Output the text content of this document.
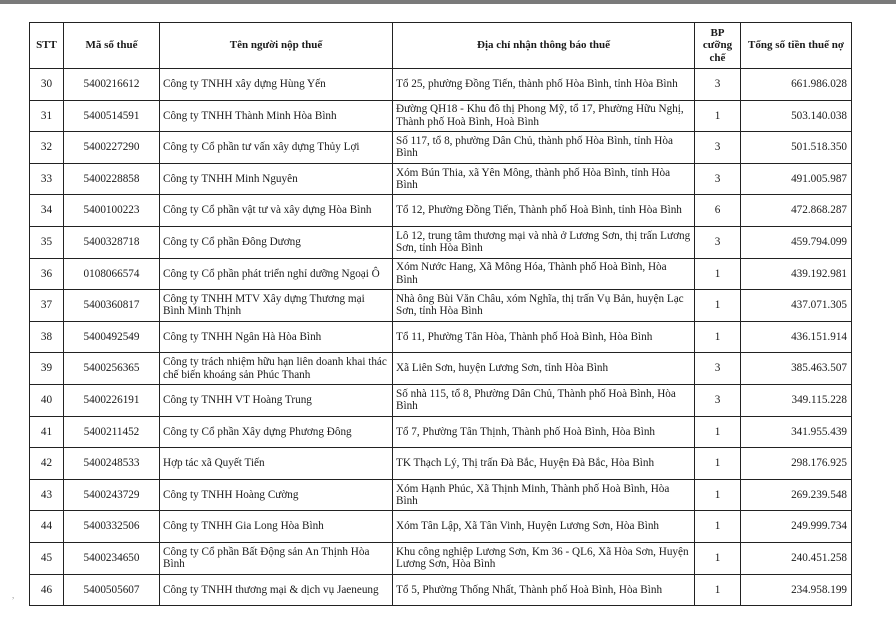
,
STT	Mã số thuế	Tên người nộp thuế	Địa chỉ nhận thông báo thuế	BP cưỡng chế	Tổng số tiền thuế nợ
30	5400216612	Công ty TNHH xây dựng Hùng Yến	Tổ 25, phường Đồng Tiến, thành phố Hòa Bình, tỉnh Hòa Bình	3	661.986.028
31	5400514591	Công ty TNHH Thành Minh Hòa Bình	Đường QH18 - Khu đô thị Phong Mỹ, tổ 17, Phường Hữu Nghị, Thành phố Hoà Bình, Hoà Bình	1	503.140.038
32	5400227290	Công ty Cổ phần tư vấn xây dựng Thủy Lợi	Số 117, tổ 8, phường Dân Chủ, thành phố Hòa Bình, tỉnh Hòa Bình	3	501.518.350
33	5400228858	Công ty TNHH Minh Nguyên	Xóm Bún Thia, xã Yên Mông, thành phố Hòa Bình, tỉnh Hòa Bình	3	491.005.987
34	5400100223	Công ty Cổ phần vật tư và xây dựng Hòa Bình	Tổ 12, Phường Đồng Tiến, Thành phố Hoà Bình, tỉnh Hòa Bình	6	472.868.287
35	5400328718	Công ty Cổ phần Đông Dương	Lô 12, trung tâm thương mại và nhà ở Lương Sơn, thị trấn Lương Sơn, tỉnh Hòa Bình	3	459.794.099
36	0108066574	Công ty Cổ phần phát triển nghỉ dưỡng Ngoại Ô	Xóm Nước Hang, Xã Mông Hóa, Thành phố Hoà Bình, Hòa Bình	1	439.192.981
37	5400360817	Công ty TNHH MTV Xây dựng Thương mại Bình Minh Thịnh	Nhà ông Bùi Văn Châu, xóm Nghĩa, thị trấn Vụ Bản, huyện Lạc Sơn, tỉnh Hòa Bình	1	437.071.305
38	5400492549	Công ty TNHH Ngân Hà Hòa Bình	Tổ 11, Phường Tân Hòa, Thành phố Hoà Bình, Hòa Bình	1	436.151.914
39	5400256365	Công ty trách nhiệm hữu hạn liên doanh khai thác chế biến khoáng sản Phúc Thanh	Xã Liên Sơn, huyện Lương Sơn, tỉnh Hòa Bình	3	385.463.507
40	5400226191	Công ty TNHH VT Hoàng Trung	Số nhà 115, tổ 8, Phường Dân Chủ, Thành phố Hoà Bình, Hòa Bình	3	349.115.228
41	5400211452	Công ty Cổ phần Xây dựng Phương Đông	Tổ 7, Phường Tân Thịnh, Thành phố Hoà Bình, Hòa Bình	1	341.955.439
42	5400248533	Hợp tác xã Quyết Tiến	TK Thạch Lý, Thị trấn Đà Bắc, Huyện Đà Bắc, Hòa Bình	1	298.176.925
43	5400243729	Công ty TNHH Hoàng Cường	Xóm Hạnh Phúc, Xã Thịnh Minh, Thành phố Hoà Bình, Hòa Bình	1	269.239.548
44	5400332506	Công ty TNHH Gia Long Hòa Bình	Xóm Tân Lập, Xã Tân Vinh, Huyện Lương Sơn, Hòa Bình	1	249.999.734
45	5400234650	Công ty Cổ phần Bất Động sản An Thịnh Hòa Bình	Khu công nghiệp Lương Sơn, Km 36 - QL6, Xã Hòa Sơn, Huyện Lương Sơn, Hòa Bình	1	240.451.258
46	5400505607	Công ty TNHH thương mại & dịch vụ Jaeneung	Tổ 5, Phường Thống Nhất, Thành phố Hoà Bình, Hòa Bình	1	234.958.199
